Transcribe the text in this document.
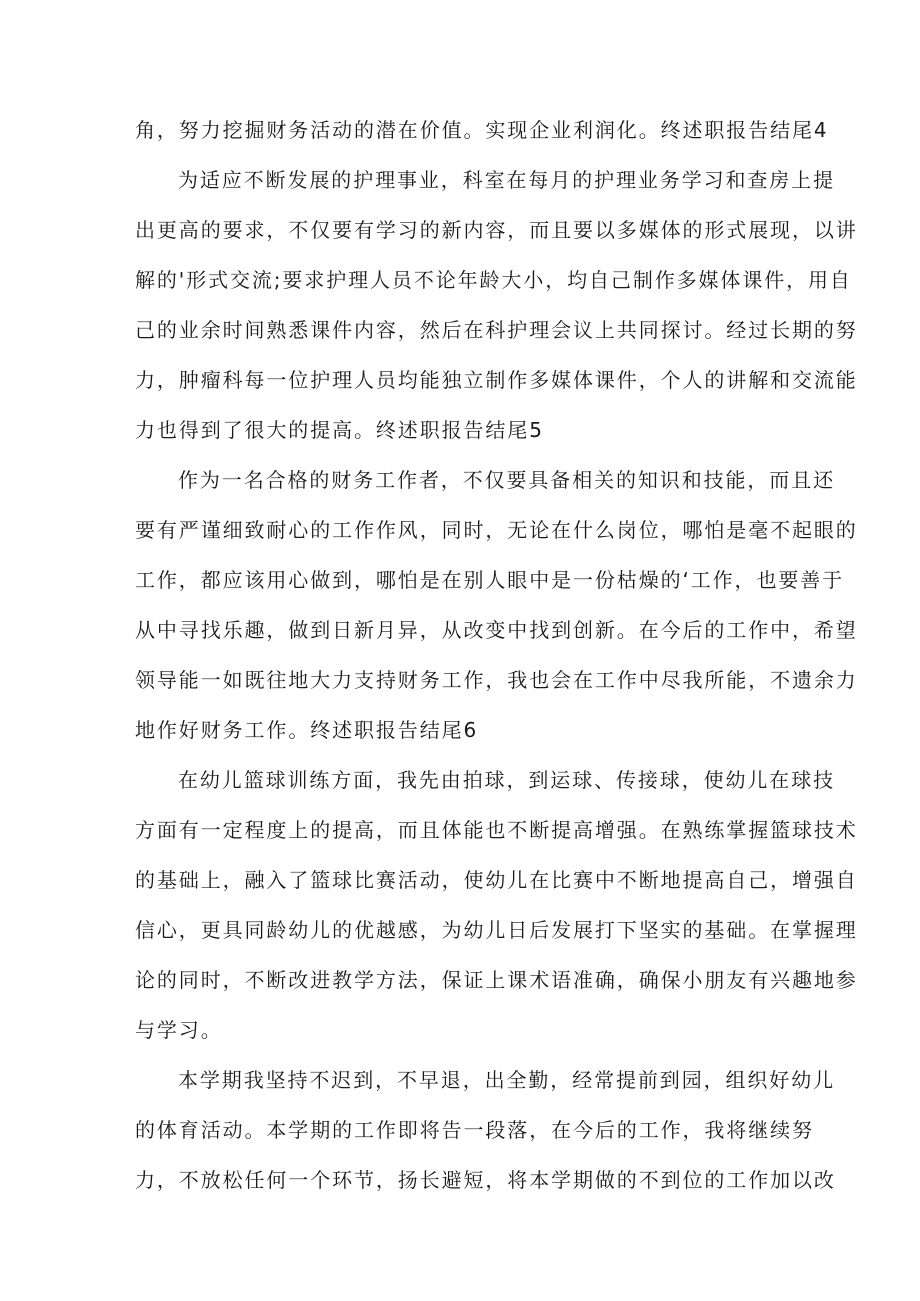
角，努力挖掘财务活动的潜在价值。实现企业利润化。终述职报告结尾4
为适应不断发展的护理事业，科室在每月的护理业务学习和查房上提
出更高的要求，不仅要有学习的新内容，而且要以多媒体的形式展现，以讲
解的'形式交流;要求护理人员不论年龄大小，均自己制作多媒体课件，用自
己的业余时间熟悉课件内容，然后在科护理会议上共同探讨。经过长期的努
力，肿瘤科每一位护理人员均能独立制作多媒体课件，个人的讲解和交流能
力也得到了很大的提高。终述职报告结尾5
作为一名合格的财务工作者，不仅要具备相关的知识和技能，而且还
要有严谨细致耐心的工作作风，同时，无论在什么岗位，哪怕是毫不起眼的
工作，都应该用心做到，哪怕是在别人眼中是一份枯燥的‘工作，也要善于
从中寻找乐趣，做到日新月异，从改变中找到创新。在今后的工作中，希望
领导能一如既往地大力支持财务工作，我也会在工作中尽我所能，不遗余力
地作好财务工作。终述职报告结尾6
在幼儿篮球训练方面，我先由拍球，到运球、传接球，使幼儿在球技
方面有一定程度上的提高，而且体能也不断提高增强。在熟练掌握篮球技术
的基础上，融入了篮球比赛活动，使幼儿在比赛中不断地提高自己，增强自
信心，更具同龄幼儿的优越感，为幼儿日后发展打下坚实的基础。在掌握理
论的同时，不断改进教学方法，保证上课术语准确，确保小朋友有兴趣地参
与学习。
本学期我坚持不迟到，不早退，出全勤，经常提前到园，组织好幼儿
的体育活动。本学期的工作即将告一段落，在今后的工作，我将继续努
力，不放松任何一个环节，扬长避短，将本学期做的不到位的工作加以改
